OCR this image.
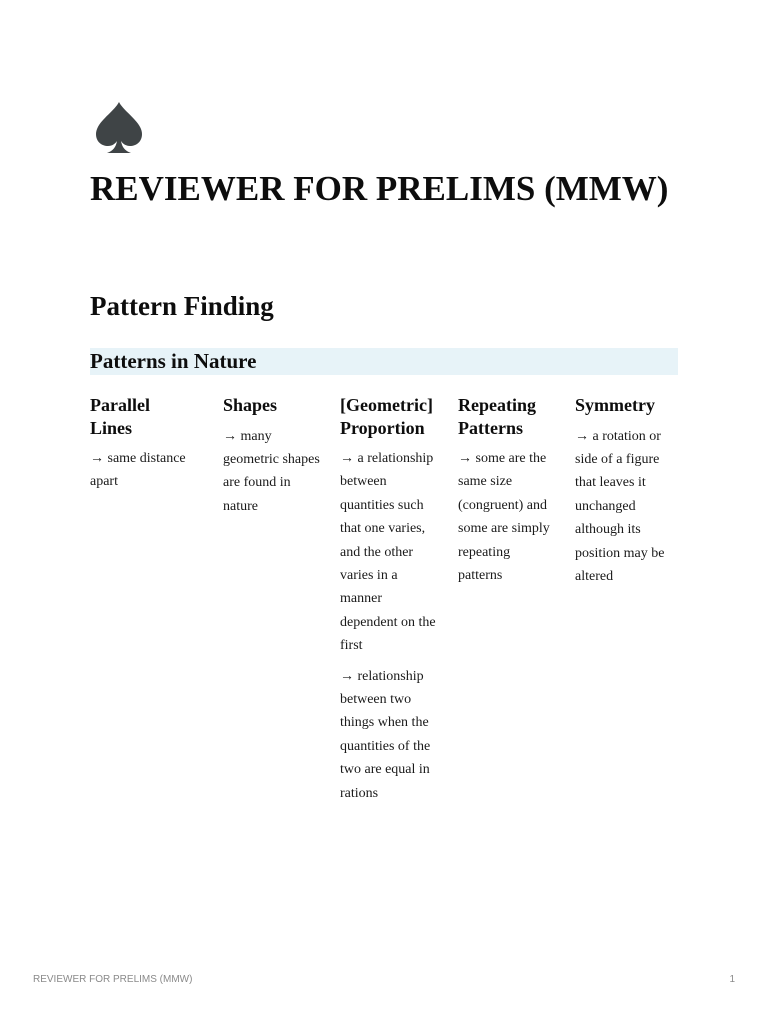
REVIEWER FOR PRELIMS (MMW)
Pattern Finding
Patterns in Nature
Parallel Lines

→ same distance apart

Shapes

→ many geometric shapes are found in nature

[Geometric] Proportion

→ a relationship between quantities such that one varies, and the other varies in a manner dependent on the first

→ relationship between two things when the quantities of the two are equal in rations

Repeating Patterns

→ some are the same size (congruent) and some are simply repeating patterns

Symmetry

→ a rotation or side of a figure that leaves it unchanged although its position may be altered

REVIEWER FOR PRELIMS (MMW)	1
